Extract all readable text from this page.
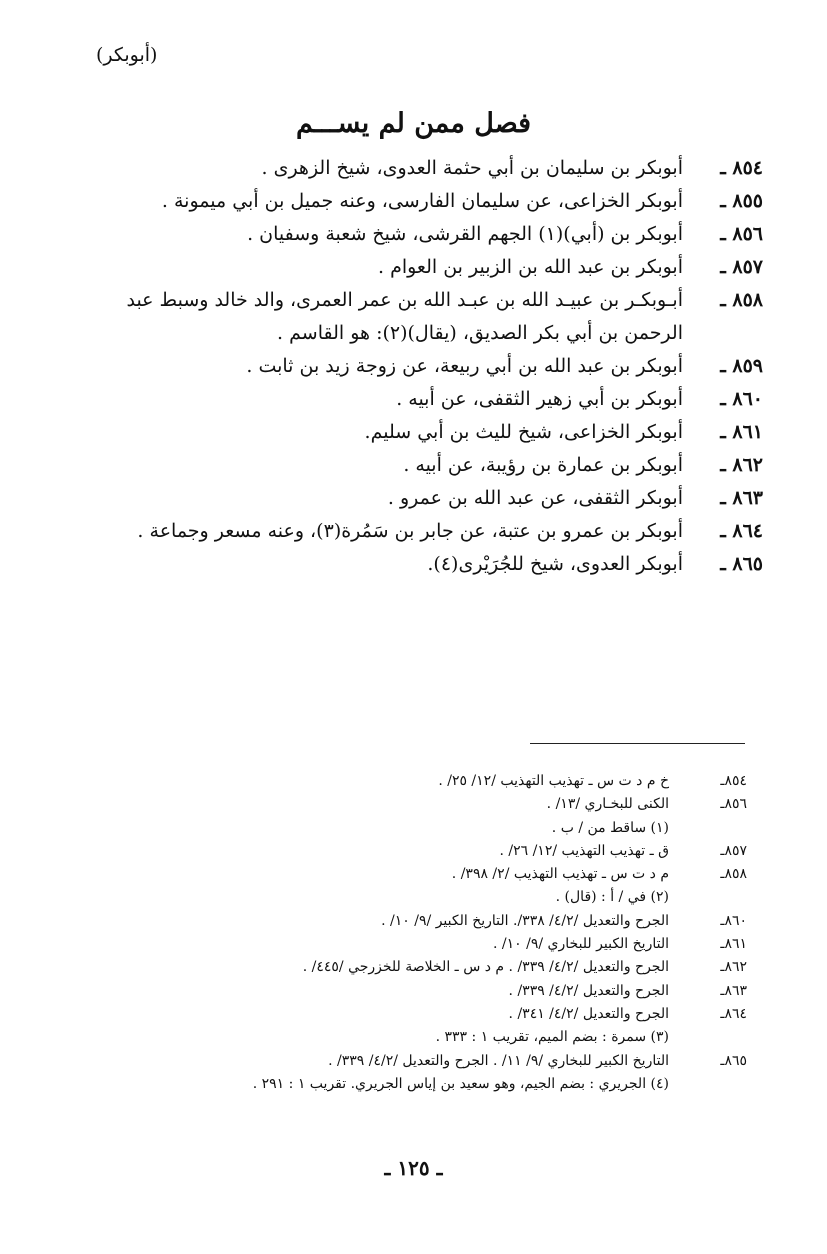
(أبوبكر)
فصل ممن لم يســـم
٨٥٤ ـ
أبوبكر بن سليمان بن أبي حثمة العدوى، شيخ الزهرى .
٨٥٥ ـ
أبوبكر الخزاعى، عن سليمان الفارسى، وعنه جميل بن أبي ميمونة .
٨٥٦ ـ
أبوبكر بن (أبي)(١) الجهم القرشى، شيخ شعبة وسفيان .
٨٥٧ ـ
أبوبكر بن عبد الله بن الزبير بن العوام .
٨٥٨ ـ
أبـوبكـر بن عبيـد الله بن عبـد الله بن عمر العمرى، والد خالد وسبط عبد
الرحمن بن أبي بكر الصديق، (يقال)(٢): هو القاسم .
٨٥٩ ـ
أبوبكر بن عبد الله بن أبي ربيعة، عن زوجة زيد بن ثابت .
٨٦٠ ـ
أبوبكر بن أبي زهير الثقفى، عن أبيه .
٨٦١ ـ
أبوبكر الخزاعى، شيخ لليث بن أبي سليم.
٨٦٢ ـ
أبوبكر بن عمارة بن رؤيبة، عن أبيه .
٨٦٣ ـ
أبوبكر الثقفى، عن عبد الله بن عمرو .
٨٦٤ ـ
أبوبكر بن عمرو بن عتبة، عن جابر بن سَمُرة(٣)، وعنه مسعر وجماعة .
٨٦٥ ـ
أبوبكر العدوى، شيخ للجُرَيْرى(٤).
٨٥٤ـ
خ م د ت س ـ تهذيب التهذيب /١٢/ ٢٥/ .
٨٥٦ـ
الكنى للبخـاري /١٣/ .
(١) ساقط من / ب .
٨٥٧ـ
ق ـ تهذيب التهذيب /١٢/ ٢٦/ .
٨٥٨ـ
م د ت س ـ تهذيب التهذيب /٢/ ٣٩٨/ .
(٢) في / أ : (قال) .
٨٦٠ـ
الجرح والتعديل /٤/٢/ ٣٣٨/. التاريخ الكبير /٩/ ١٠/ .
٨٦١ـ
التاريخ الكبير للبخاري /٩/ ١٠/ .
٨٦٢ـ
الجرح والتعديل /٤/٢/ ٣٣٩/ . م د س ـ الخلاصة للخزرجي /٤٤٥/ .
٨٦٣ـ
الجرح والتعديل /٤/٢/ ٣٣٩/ .
٨٦٤ـ
الجرح والتعديل /٤/٢/ ٣٤١/ .
(٣) سمرة : بضم الميم، تقريب ١ : ٣٣٣ .
٨٦٥ـ
التاريخ الكبير للبخاري /٩/ ١١/ . الجرح والتعديل /٤/٢/ ٣٣٩/ .
(٤) الجريري : بضم الجيم، وهو سعيد بن إياس الجريري. تقريب ١ : ٢٩١ .
ـ ١٢٥ ـ
